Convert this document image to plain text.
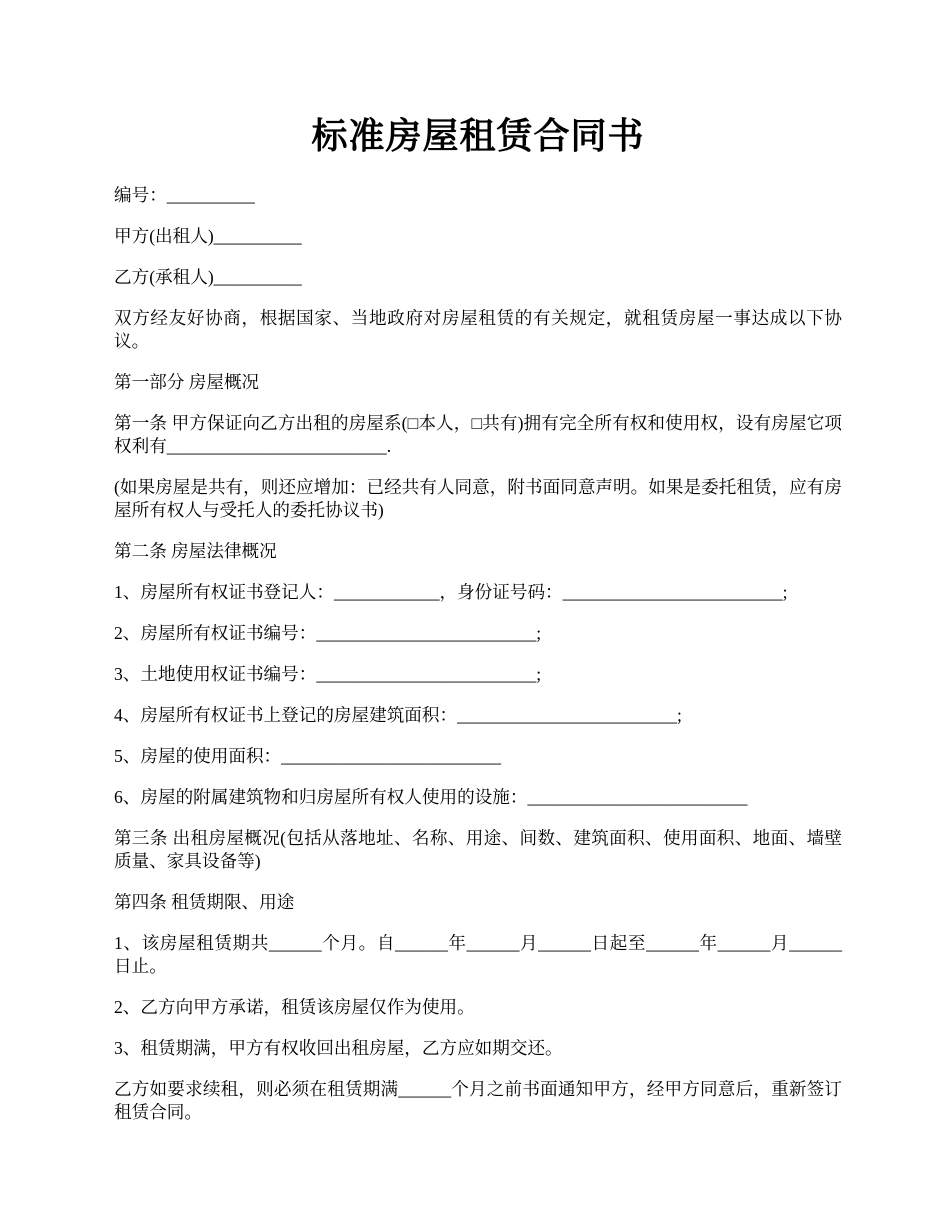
标准房屋租赁合同书

编号：__________

甲方(出租人)__________

乙方(承租人)__________

双方经友好协商，根据国家、当地政府对房屋租赁的有关规定，就租赁房屋一事达成以下协议。

第一部分 房屋概况

第一条 甲方保证向乙方出租的房屋系(□本人，□共有)拥有完全所有权和使用权，设有房屋它项权利有_________________________.

(如果房屋是共有，则还应增加：已经共有人同意，附书面同意声明。如果是委托租赁，应有房屋所有权人与受托人的委托协议书)

第二条 房屋法律概况

1、房屋所有权证书登记人：____________，身份证号码：_________________________;

2、房屋所有权证书编号：_________________________;

3、土地使用权证书编号：_________________________;

4、房屋所有权证书上登记的房屋建筑面积：_________________________;

5、房屋的使用面积：_________________________

6、房屋的附属建筑物和归房屋所有权人使用的设施：_________________________

第三条 出租房屋概况(包括从落地址、名称、用途、间数、建筑面积、使用面积、地面、墙壁质量、家具设备等)

第四条 租赁期限、用途

1、该房屋租赁期共______个月。自______年______月______日起至______年______月______日止。

2、乙方向甲方承诺，租赁该房屋仅作为使用。

3、租赁期满，甲方有权收回出租房屋，乙方应如期交还。

乙方如要求续租，则必须在租赁期满______个月之前书面通知甲方，经甲方同意后，重新签订租赁合同。
